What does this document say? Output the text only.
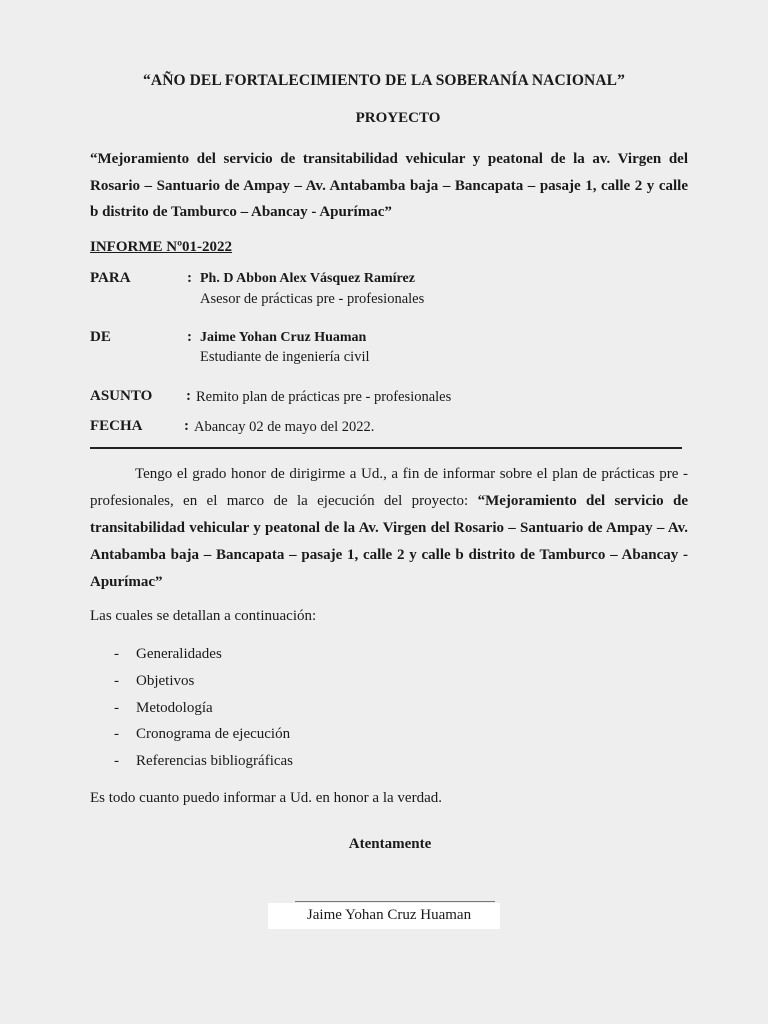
“AÑO DEL FORTALECIMIENTO DE LA SOBERANÍA NACIONAL”
PROYECTO
“Mejoramiento del servicio de transitabilidad vehicular y peatonal de la av. Virgen del
Rosario – Santuario de Ampay – Av. Antabamba baja – Bancapata – pasaje 1, calle 2 y calle
b distrito de Tamburco – Abancay - Apurímac”
INFORME Nº01-2022
PARA	: Ph. D Abbon Alex Vásquez Ramírez
Asesor de prácticas pre - profesionales
DE	: Jaime Yohan Cruz Huaman
Estudiante de ingeniería civil
ASUNTO : Remito plan de prácticas pre - profesionales
FECHA	: Abancay 02 de mayo del 2022.
Tengo el grado honor de dirigirme a Ud., a fin de informar sobre el plan de prácticas pre - profesionales, en el marco de la ejecución del proyecto: “Mejoramiento del servicio de transitabilidad vehicular y peatonal de la Av. Virgen del Rosario – Santuario de Ampay – Av. Antabamba baja – Bancapata – pasaje 1, calle 2 y calle b distrito de Tamburco – Abancay - Apurímac”
Las cuales se detallan a continuación:
- Generalidades
- Objetivos
- Metodología
- Cronograma de ejecución
- Referencias bibliográficas
Es todo cuanto puedo informar a Ud. en honor a la verdad.
Atentamente
Jaime Yohan Cruz Huaman
